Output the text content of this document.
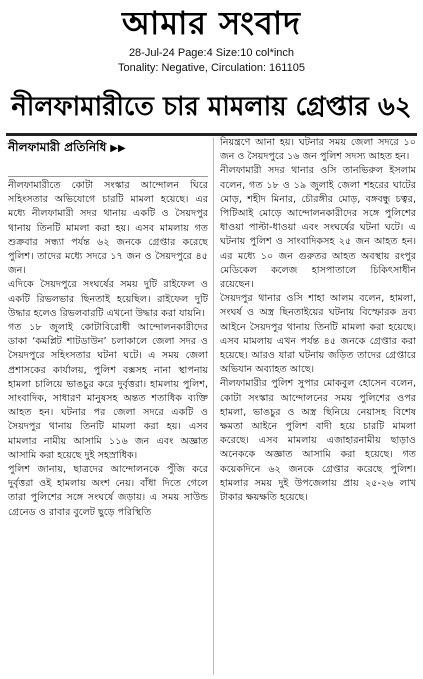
আমার সংবাদ
28-Jul-24 Page:4 Size:10 col*inch
Tonality: Negative, Circulation: 161105
নীলফামারীতে চার মামলায় গ্রেপ্তার ৬২
নীলফামারী প্রতিনিধি ▶▶

নীলফামারীতে কোটা সংস্কার আন্দোলন ঘিরে সহিংসতার অভিযোগে চারটি মামলা হয়েছে। এর মধ্যে নীলফামারী সদর থানায় একটি ও সৈয়দপুর থানায় তিনটি মামলা করা হয়। এসব মামলায় গত শুক্রবার সন্ধ্যা পর্যন্ত ৬২ জনকে গ্রেপ্তার করেছে পুলিশ। তাদের মধ্যে সদরে ১৭ জন ও সৈয়দপুরে ৪৫ জন।

এদিকে সৈয়দপুরে সংঘর্ষের সময় দুটি রাইফেল ও একটি রিভলভার ছিনতাই হয়েছিল। রাইফেল দুটি উদ্ধার হলেও রিভলবারটি এখনো উদ্ধার করা যায়নি।

গত ১৮ জুলাই কোটাবিরোধী আন্দোলনকারীদের ডাকা ‘কমপ্লিট শাটডাউন’ চলাকালে জেলা সদর ও সৈয়দপুরে সহিংসতার ঘটনা ঘটে। এ সময় জেলা প্রশাসকের কার্যালয়, পুলিশ বক্সসহ নানা স্থাপনায় হামলা চালিয়ে ভাঙচুর করে দুর্বৃত্তরা। হামলায় পুলিশ, সাংবাদিক, সাধারণ মানুষসহ অন্তত শতাধিক ব্যক্তি আহত হন। ঘটনার পর জেলা সদরে একটি ও সৈয়দপুর থানায় তিনটি মামলা করা হয়। এসব মামলার নামীয় আসামি ১১৬ জন এবং অজ্ঞাত আসামি করা হয়েছে দুই সহস্রাধিক।

পুলিশ জানায়, ছাত্রদের আন্দোলনকে পুঁজি করে দুর্বৃত্তরা ওই হামলায় অংশ নেয়। বাঁধা দিতে গেলে তারা পুলিশের সঙ্গে সংঘর্ষে জড়ায়। এ সময় সাউন্ড গ্রেনেড ও রাবার বুলেট ছুড়ে পরিস্থিতি

নিয়ন্ত্রণে আনা হয়। ঘটনার সময় জেলা সদরে ১০ জন ও সৈয়দপুরে ১৬ জন পুলিশ সদস্য আহত হন।

নীলফামারী সদর থানার ওসি তানভিরুল ইসলাম বলেন, গত ১৮ ও ১৯ জুলাই জেলা শহরের ঘাটের মোড়, শহীদ মিনার, চৌরঙ্গীর মোড়, বঙ্গবন্ধু চত্বর, পিটিআই মোড়ে আন্দোলনকারীদের সঙ্গে পুলিশের ধাওয়া পাল্টা-ধাওয়া এবং সংঘর্ষের ঘটনা ঘটে। এ ঘটনায় পুলিশ ও সাংবাদিকসহ ২৫ জন আহত হন। এর মধ্যে ১০ জন গুরুতর আহত অবস্থায় রংপুর মেডিকেল কলেজ হাসপাতালে চিকিৎসাধীন রয়েছেন।

সৈয়দপুর থানার ওসি শাহা আলম বলেন, হামলা, সংঘর্ষ ও অস্ত্র ছিনতাইয়ের ঘটনায় বিস্ফোরক দ্রব্য আইনে সৈয়দপুর থানায় তিনটি মামলা করা হয়েছে। এসব মামলায় এখন পর্যন্ত ৪৫ জনকে গ্রেপ্তার করা হয়েছে। আরও যারা ঘটনায় জড়িত তাদের গ্রেপ্তারে অভিযান অব্যাহত আছে।

নীলফামারীর পুলিশ সুপার মোকবুল হোসেন বলেন, কোটা সংস্কার আন্দোলনের সময় পুলিশের ওপর হামলা, ভাঙচুর ও অস্ত্র ছিনিয়ে নেয়াসহ বিশেষ ক্ষমতা আইনে পুলিশ বাদী হয়ে চারটি মামলা করেছে। এসব মামলায় এজাহারনামীয় ছাড়াও অনেককে অজ্ঞাত আসামি করা হয়েছে। গত কয়েকদিনে ৬২ জনকে গ্রেপ্তার করেছে পুলিশ। হামলার সময় দুই উপজেলায় প্রায় ২৫-২৬ লাখ টাকার ক্ষয়ক্ষতি হয়েছে।
